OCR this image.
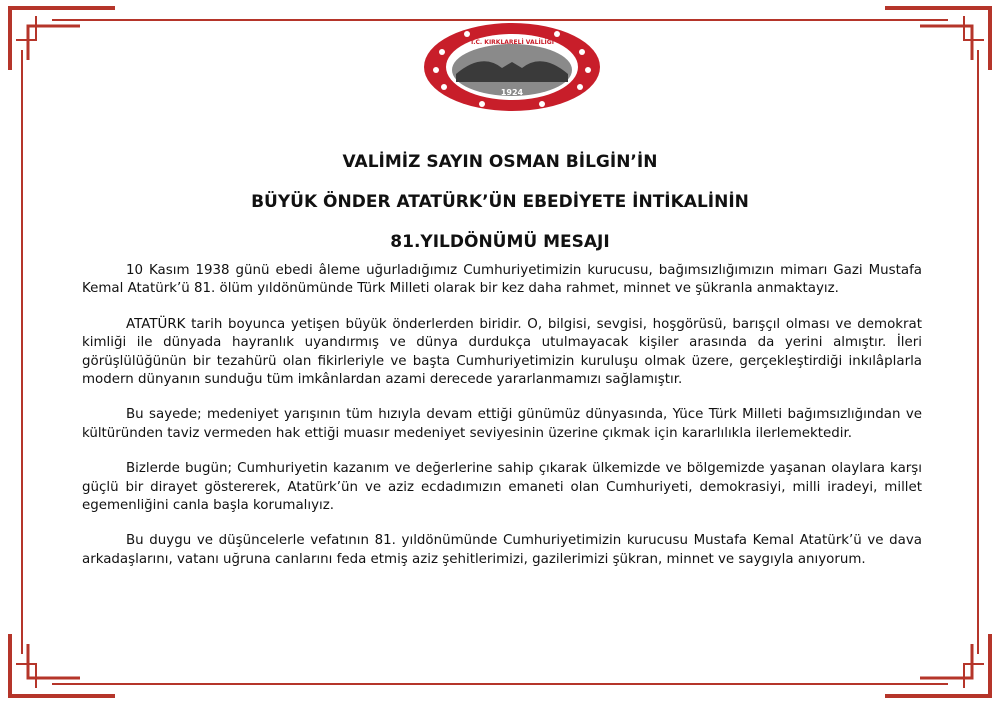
T.C. KIRKLARELİ VALİLİĞİ
1924
VALİMİZ SAYIN OSMAN BİLGİN’İN
BÜYÜK ÖNDER ATATÜRK’ÜN EBEDİYETE İNTİKALİNİN
81.YILDÖNÜMÜ MESAJI

10 Kasım 1938 günü ebedi âleme uğurladığımız Cumhuriyetimizin kurucusu, bağımsızlığımızın mimarı Gazi Mustafa Kemal Atatürk’ü 81. ölüm yıldönümünde Türk Milleti olarak bir kez daha rahmet, minnet ve şükranla anmaktayız.

ATATÜRK tarih boyunca yetişen büyük önderlerden biridir. O, bilgisi, sevgisi, hoşgörüsü, barışçıl olması ve demokrat kimliği ile dünyada hayranlık uyandırmış ve dünya durdukça utulmayacak kişiler arasında da yerini almıştır. İleri görüşlülüğünün bir tezahürü olan fikirleriyle ve başta Cumhuriyetimizin kuruluşu olmak üzere, gerçekleştirdiği inkılâplarla modern dünyanın sunduğu tüm imkânlardan azami derecede yararlanmamızı sağlamıştır.

Bu sayede; medeniyet yarışının tüm hızıyla devam ettiği günümüz dünyasında, Yüce Türk Milleti bağımsızlığından ve kültüründen taviz vermeden hak ettiği muasır medeniyet seviyesinin üzerine çıkmak için kararlılıkla ilerlemektedir.

Bizlerde bugün; Cumhuriyetin kazanım ve değerlerine sahip çıkarak ülkemizde ve bölgemizde yaşanan olaylara karşı güçlü bir dirayet göstererek, Atatürk’ün ve aziz ecdadımızın emaneti olan Cumhuriyeti, demokrasiyi, milli iradeyi, millet egemenliğini canla başla korumalıyız.

Bu duygu ve düşüncelerle vefatının 81. yıldönümünde Cumhuriyetimizin kurucusu Mustafa Kemal Atatürk’ü ve dava arkadaşlarını, vatanı uğruna canlarını feda etmiş aziz şehitlerimizi, gazilerimizi şükran, minnet ve saygıyla anıyorum.
